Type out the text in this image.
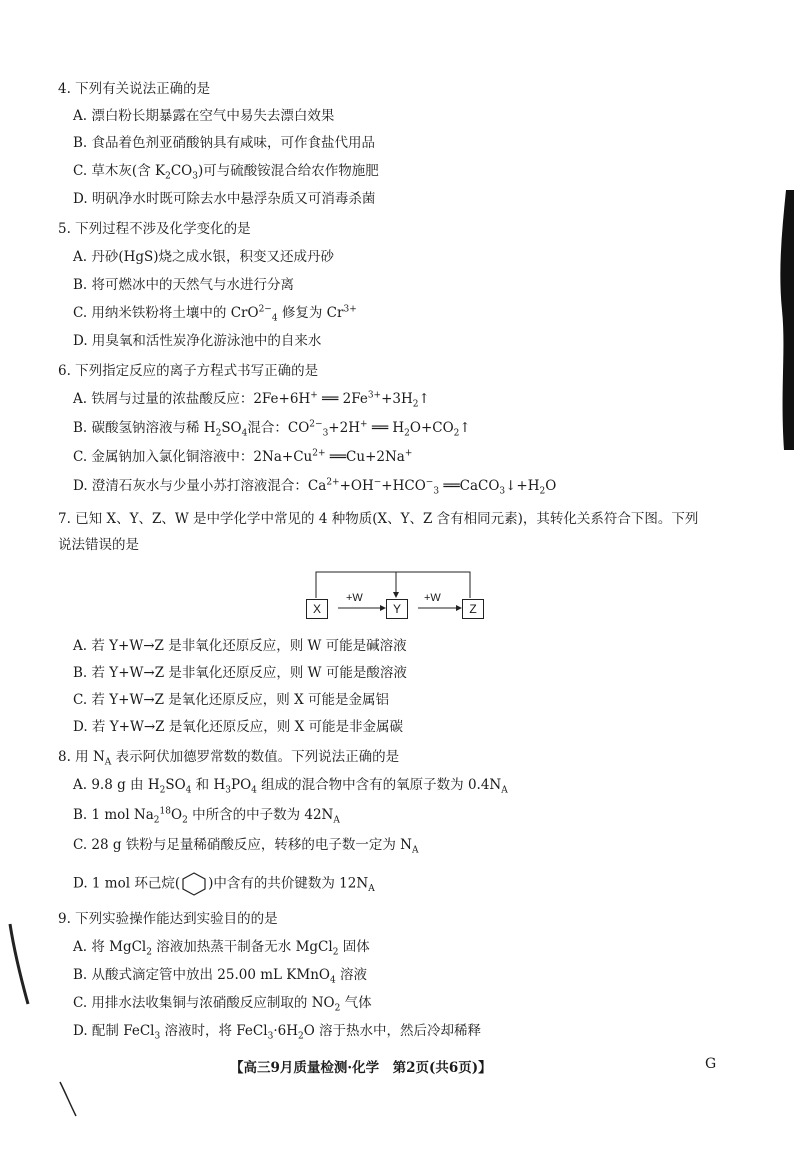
4. 下列有关说法正确的是
A. 漂白粉长期暴露在空气中易失去漂白效果
B. 食品着色剂亚硝酸钠具有咸味，可作食盐代用品
C. 草木灰(含 $K_2CO_3$)可与硫酸铵混合给农作物施肥
D. 明矾净水时既可除去水中悬浮杂质又可消毒杀菌
5. 下列过程不涉及化学变化的是
A. 丹砂(HgS)烧之成水银，积变又还成丹砂
B. 将可燃冰中的天然气与水进行分离
C. 用纳米铁粉将土壤中的 CrO$^{2-}_4$ 修复为 $Cr^{3+}$
D. 用臭氧和活性炭净化游泳池中的自来水
6. 下列指定反应的离子方程式书写正确的是
A. 铁屑与过量的浓盐酸反应：2Fe+6H+ ══ $2Fe^{3+}+3H_2↑$
B. 碳酸氢钠溶液与稀 $H_2SO_4$混合：$CO^{2-}_3+2H^+$ ══ $H_2O+CO_2↑$
C. 金属钠加入氯化铜溶液中：$2Na+Cu^{2+}$ ══Cu+2Na+
D. 澄清石灰水与少量小苏打溶液混合：$Ca^{2+}+OH^-+HCO^-_3$ $══CaCO_3↓+H_2O$
7. 已知 X、Y、Z、W 是中学化学中常见的 4 种物质(X、Y、Z 含有相同元素)，其转化关系符合下图。下列
说法错误的是
X	Y	Z
+W	+W
A. 若 Y+W→Z 是非氧化还原反应，则 W 可能是碱溶液
B. 若 Y+W→Z 是非氧化还原反应，则 W 可能是酸溶液
C. 若 Y+W→Z 是氧化还原反应，则 X 可能是金属铝
D. 若 Y+W→Z 是氧化还原反应，则 X 可能是非金属碳
8. 用 $N_A$ 表示阿伏加德罗常数的数值。下列说法正确的是
A. 9.8 g 由 $H_2SO_4$ 和 $H_3PO_4$ 组成的混合物中含有的氧原子数为 $0.4N_A$
B. 1 mol $Na_2^{18}O_2$ 中所含的中子数为 $42N_A$
C. 28 g 铁粉与足量稀硝酸反应，转移的电子数一定为 $N_A$
D. 1 mol 环己烷( )中含有的共价键数为 $12N_A$
9. 下列实验操作能达到实验目的的是
A. 将 MgCl$_2$ 溶液加热蒸干制备无水 MgCl$_2$ 固体
B. 从酸式滴定管中放出 25.00 mL KMnO$_4$ 溶液
C. 用排水法收集铜与浓硝酸反应制取的 $NO_2$ 气体
D. 配制 FeCl$_3$ 溶液时，将 $FeCl_3\cdot 6H_2O$ 溶于热水中，然后冷却稀释
【高三9月质量检测·化学　第2页(共6页)】	G
